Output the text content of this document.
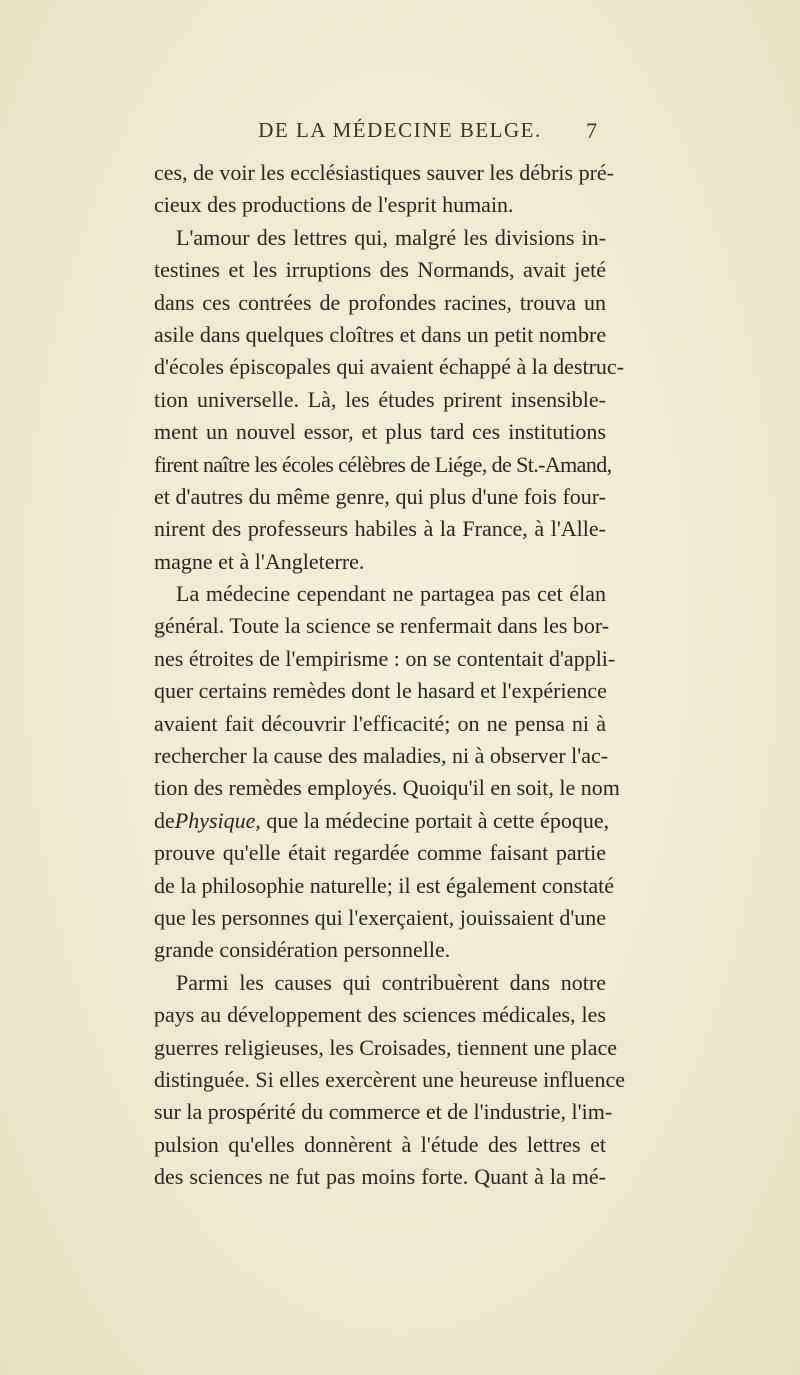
DE LA MÉDECINE BELGE.	7
ces, de voir les ecclésiastiques sauver les débris pré-
cieux des productions de l'esprit humain.
L'amour des lettres qui, malgré les divisions in-
testines et les irruptions des Normands, avait jeté
dans ces contrées de profondes racines, trouva un
asile dans quelques cloîtres et dans un petit nombre
d'écoles épiscopales qui avaient échappé à la destruc-
tion universelle. Là, les études prirent insensible-
ment un nouvel essor, et plus tard ces institutions
firent naître les écoles célèbres de Liége, de St.-Amand,
et d'autres du même genre, qui plus d'une fois four-
nirent des professeurs habiles à la France, à l'Alle-
magne et à l'Angleterre.
La médecine cependant ne partagea pas cet élan
général. Toute la science se renfermait dans les bor-
nes étroites de l'empirisme : on se contentait d'appli-
quer certains remèdes dont le hasard et l'expérience
avaient fait découvrir l'efficacité; on ne pensa ni à
rechercher la cause des maladies, ni à observer l'ac-
tion des remèdes employés. Quoiqu'il en soit, le nom
dePhysique, que la médecine portait à cette époque,
prouve qu'elle était regardée comme faisant partie
de la philosophie naturelle; il est également constaté
que les personnes qui l'exerçaient, jouissaient d'une
grande considération personnelle.
Parmi les causes qui contribuèrent dans notre
pays au développement des sciences médicales, les
guerres religieuses, les Croisades, tiennent une place
distinguée. Si elles exercèrent une heureuse influence
sur la prospérité du commerce et de l'industrie, l'im-
pulsion qu'elles donnèrent à l'étude des lettres et
des sciences ne fut pas moins forte. Quant à la mé-
